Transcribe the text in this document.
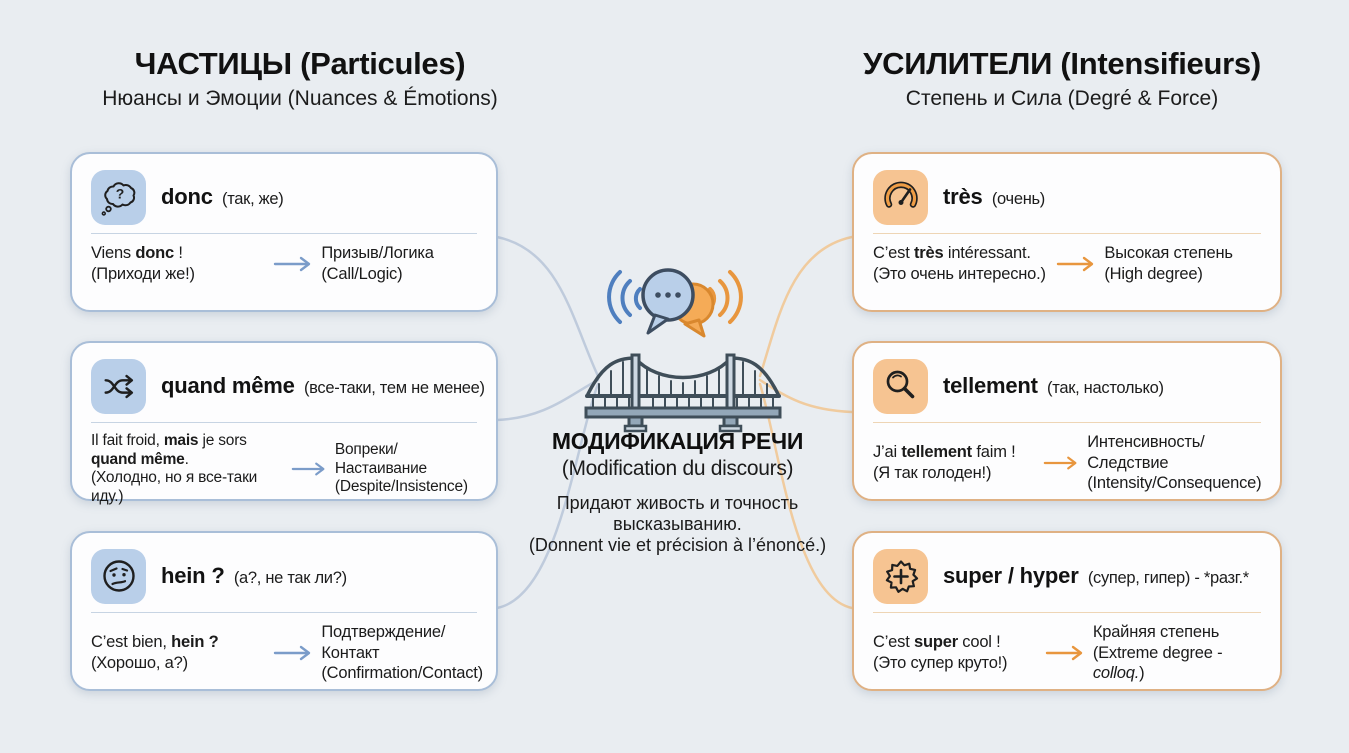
ЧАСТИЦЫ (Particules)
Нюансы и Эмоции (Nuances & Émotions)
УСИЛИТЕЛИ (Intensifieurs)
Степень и Сила (Degré & Force)
МОДИФИКАЦИЯ РЕЧИ
(Modification du discours)
Придают живость и точность
высказыванию.
(Donnent vie et précision à l’énoncé.)
? donc (так, же)
Viens donc !
(Приходи же!)
Призыв/Логика
(Call/Logic)
quand même (все-таки, тем не менее)
Il fait froid, mais je sors quand même.
(Холодно, но я все-таки иду.)
Вопреки/Настаивание
(Despite/Insistence)
hein ? (а?, не так ли?)
C’est bien, hein ?
(Хорошо, а?)
Подтверждение/Контакт
(Confirmation/Contact)
très (очень)
C’est très intéressant.
(Это очень интересно.)
Высокая степень
(High degree)
tellement (так, настолько)
J’ai tellement faim !
(Я так голоден!)
Интенсивность/Следствие
(Intensity/Consequence)
super / hyper (супер, гипер) - *разг.*
C’est super cool !
(Это супер круто!)
Крайняя степень
(Extreme degree - colloq.)
